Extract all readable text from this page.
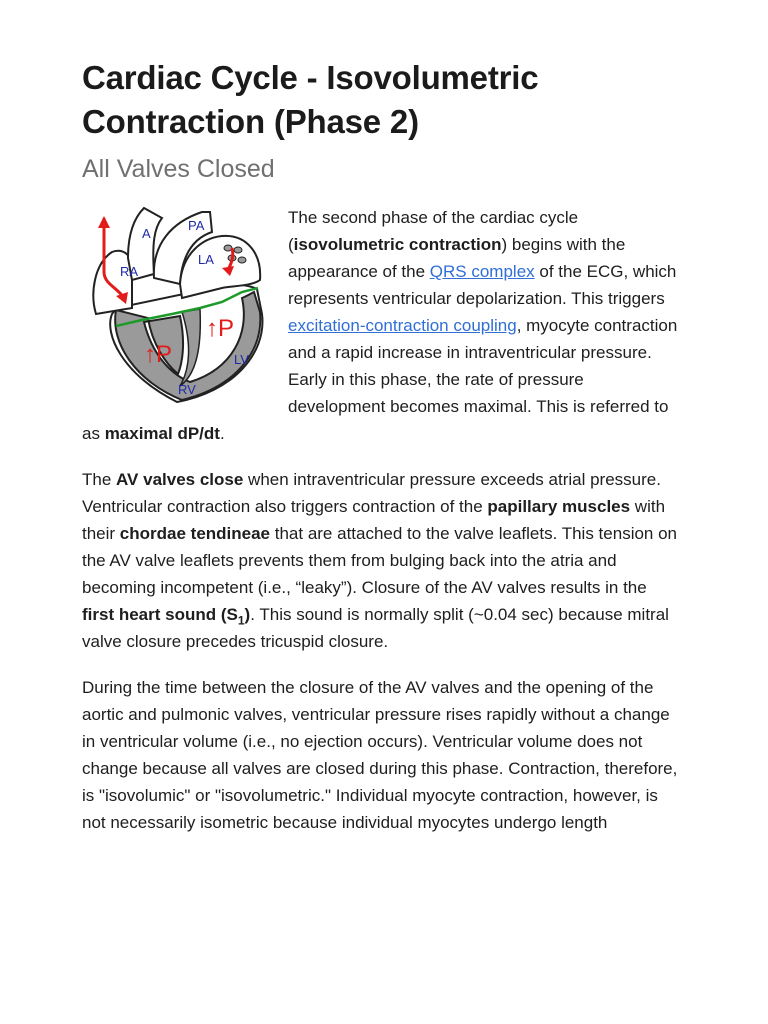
Cardiac Cycle - Isovolumetric Contraction (Phase 2)
All Valves Closed
A
PA
LA
RA
LV
RV
↑P
↑P

The second phase of the cardiac cycle (isovolumetric contraction) begins with the appearance of the QRS complex of the ECG, which represents ventricular depolarization. This triggers excitation-contraction coupling, myocyte contraction and a rapid increase in intraventricular pressure. Early in this phase, the rate of pressure development becomes maximal. This is referred to as maximal dP/dt.

The AV valves close when intraventricular pressure exceeds atrial pressure. Ventricular contraction also triggers contraction of the papillary muscles with their chordae tendineae that are attached to the valve leaflets. This tension on the AV valve leaflets prevents them from bulging back into the atria and becoming incompetent (i.e., “leaky”). Closure of the AV valves results in the first heart sound $(S_1)$. This sound is normally split (~0.04 sec) because mitral valve closure precedes tricuspid closure.

During the time between the closure of the AV valves and the opening of the aortic and pulmonic valves, ventricular pressure rises rapidly without a change in ventricular volume (i.e., no ejection occurs). Ventricular volume does not change because all valves are closed during this phase. Contraction, therefore, is "isovolumic" or "isovolumetric." Individual myocyte contraction, however, is not necessarily isometric because individual myocytes undergo length
